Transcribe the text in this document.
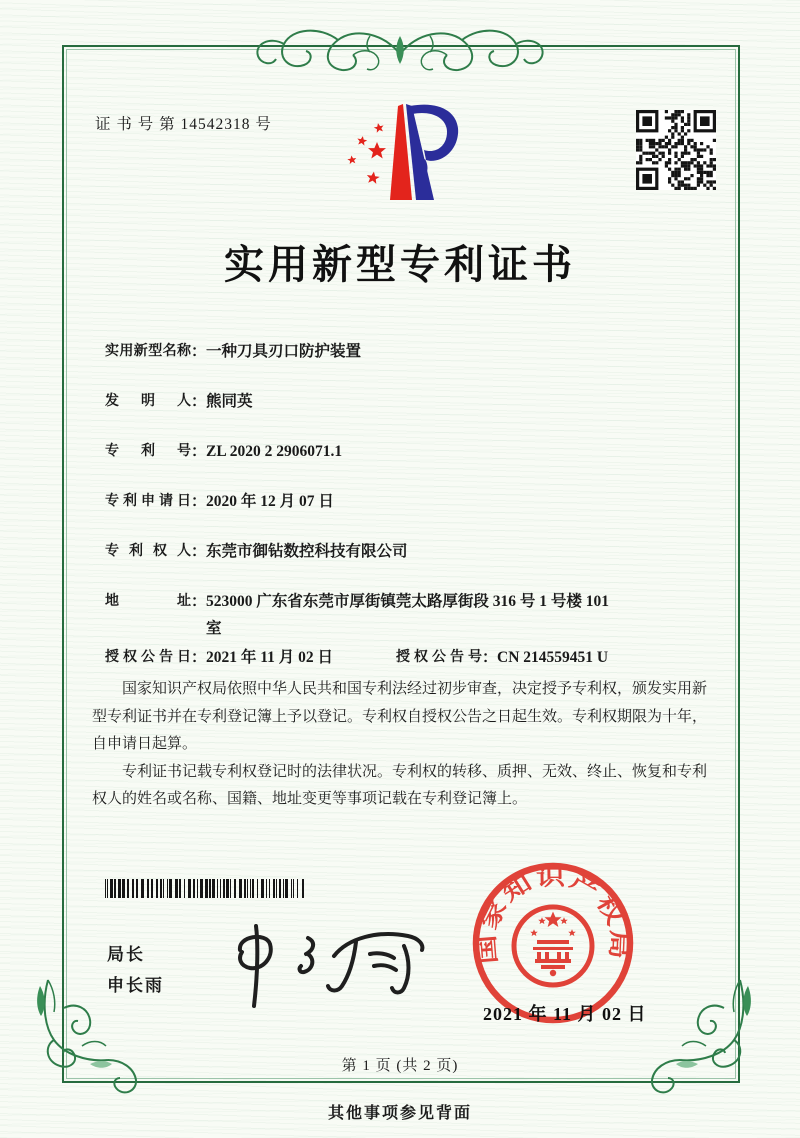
证 书 号 第 14542318 号
实用新型专利证书
实用新型名称 ： 一种刀具刃口防护装置
发明人 ： 熊同英
专利号 ： ZL 2020 2 2906071.1
专利申请日 ： 2020 年 12 月 07 日
专利权人 ： 东莞市御钻数控科技有限公司
地址 ： 523000 广东省东莞市厚街镇莞太路厚街段 316 号 1 号楼 101 室
授权公告日 ： 2021 年 11 月 02 日	授权公告号 ： CN 214559451 U

国家知识产权局依照中华人民共和国专利法经过初步审查，决定授予专利权，颁发实用新型专利证书并在专利登记簿上予以登记。专利权自授权公告之日起生效。专利权期限为十年，自申请日起算。

专利证书记载专利权登记时的法律状况。专利权的转移、质押、无效、终止、恢复和专利权人的姓名或名称、国籍、地址变更等事项记载在专利登记簿上。

局长
申长雨
国家知识产权局
2021 年 11 月 02 日
第 1 页 (共 2 页)
其他事项参见背面
